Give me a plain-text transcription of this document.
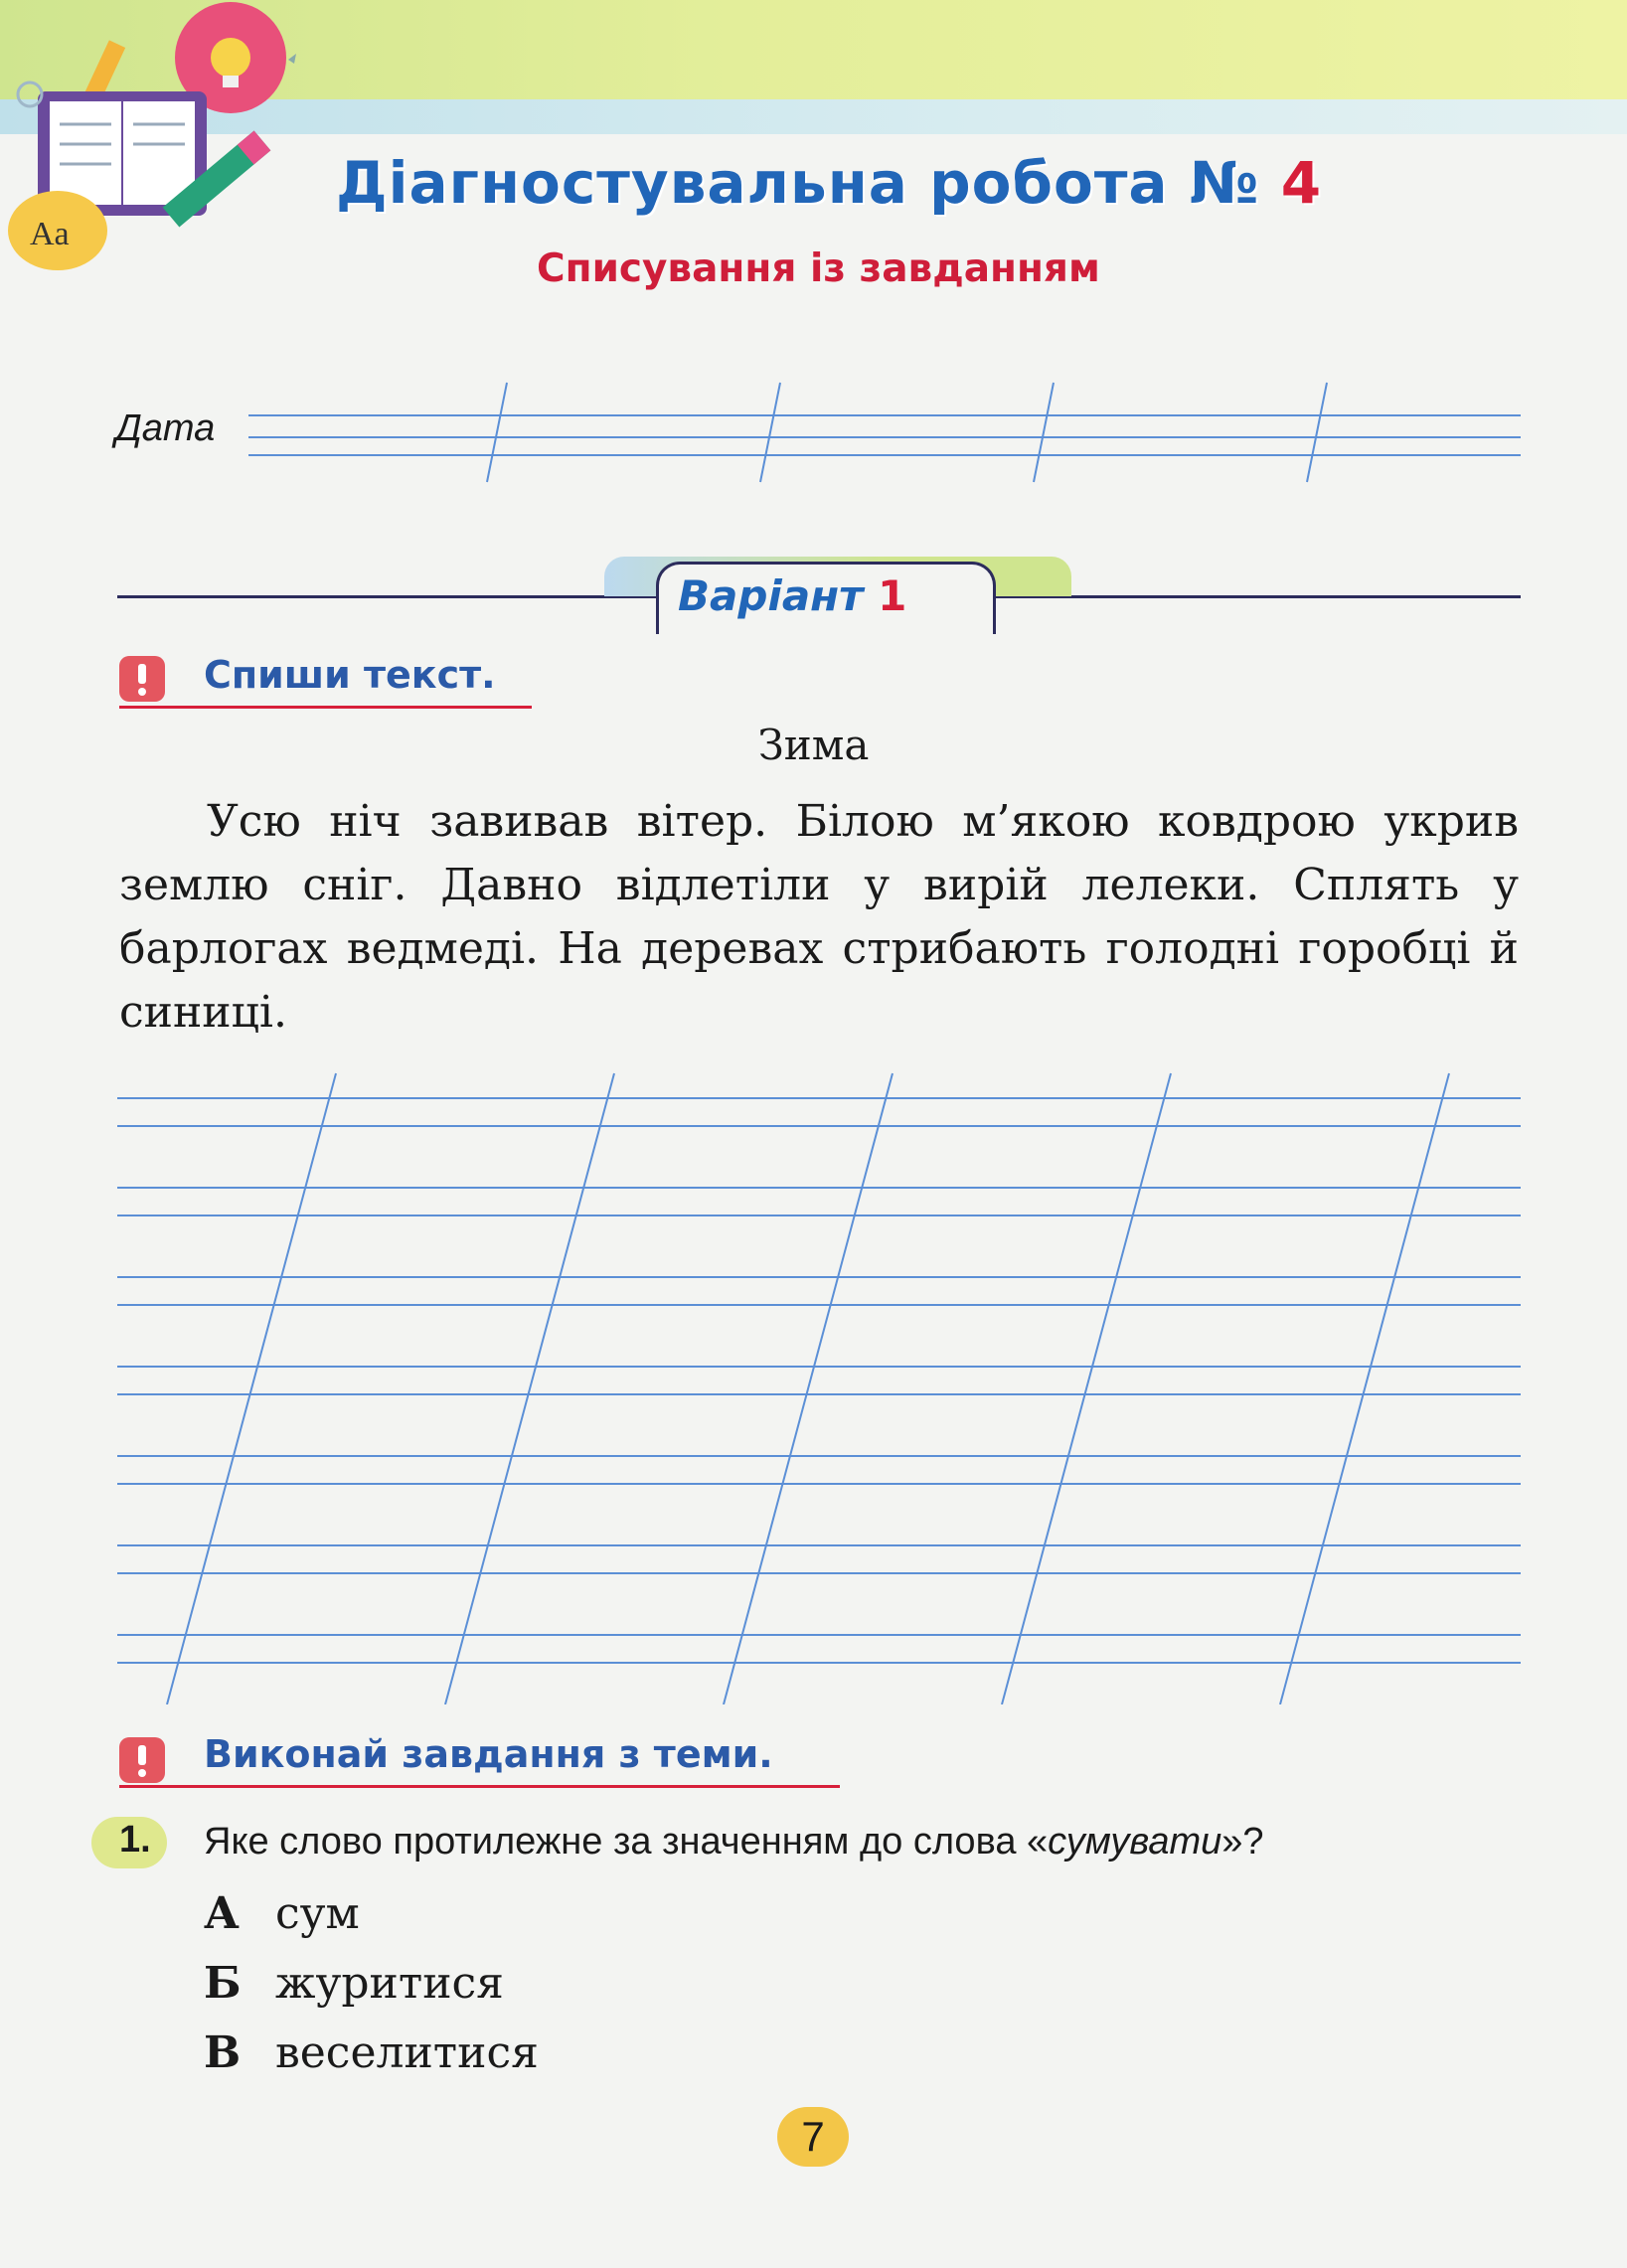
Aa
Діагностувальна робота № 4
Списування із завданням
Дата
Варіант 1
Спиши текст.
Зима

Усю ніч завивав вітер. Білою м’якою ковдрою укрив землю сніг. Давно відлетіли у вирій лелеки. Сплять у барлогах ведмеді. На деревах стрибають голодні горобці й синиці.

Виконай завдання з теми.
1. Яке слово протилежне за значенням до слова «сумувати»?
А сум
Б журитися
В веселитися
7
